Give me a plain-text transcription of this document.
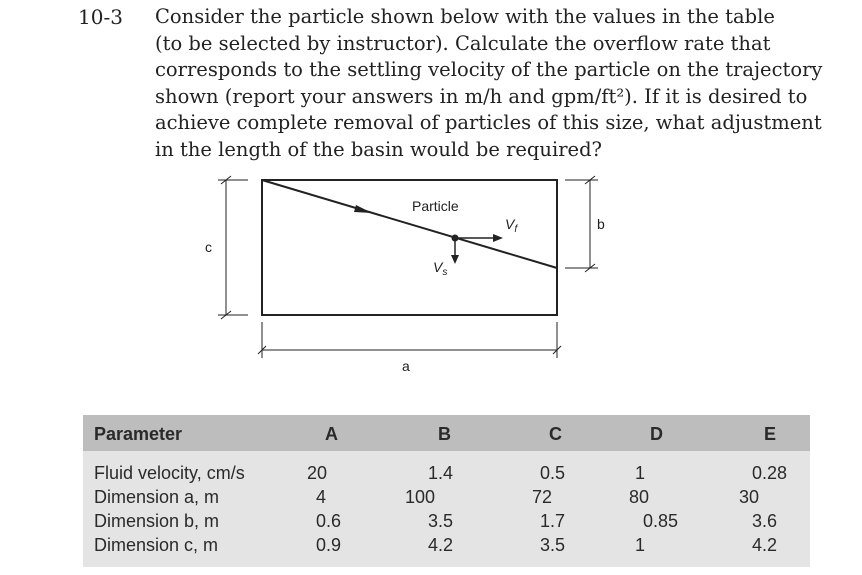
10-3 Consider the particle shown below with the values in the table
(to be selected by instructor). Calculate the overflow rate that
corresponds to the settling velocity of the particle on the trajectory
shown (report your answers in m/h and gpm/ft²). If it is desired to
achieve complete removal of particles of this size, what adjustment
in the length of the basin would be required?
Particle
$V_f$
$V_s$
c
b
a
Parameter	A	B	C	D	E
Fluid velocity, cm/s	20	1.4	0.5	1	0.28
Dimension a, m	4	100	72	80	30
Dimension b, m	0.6	3.5	1.7	0.85	3.6
Dimension c, m	0.9	4.2	3.5	1	4.2
